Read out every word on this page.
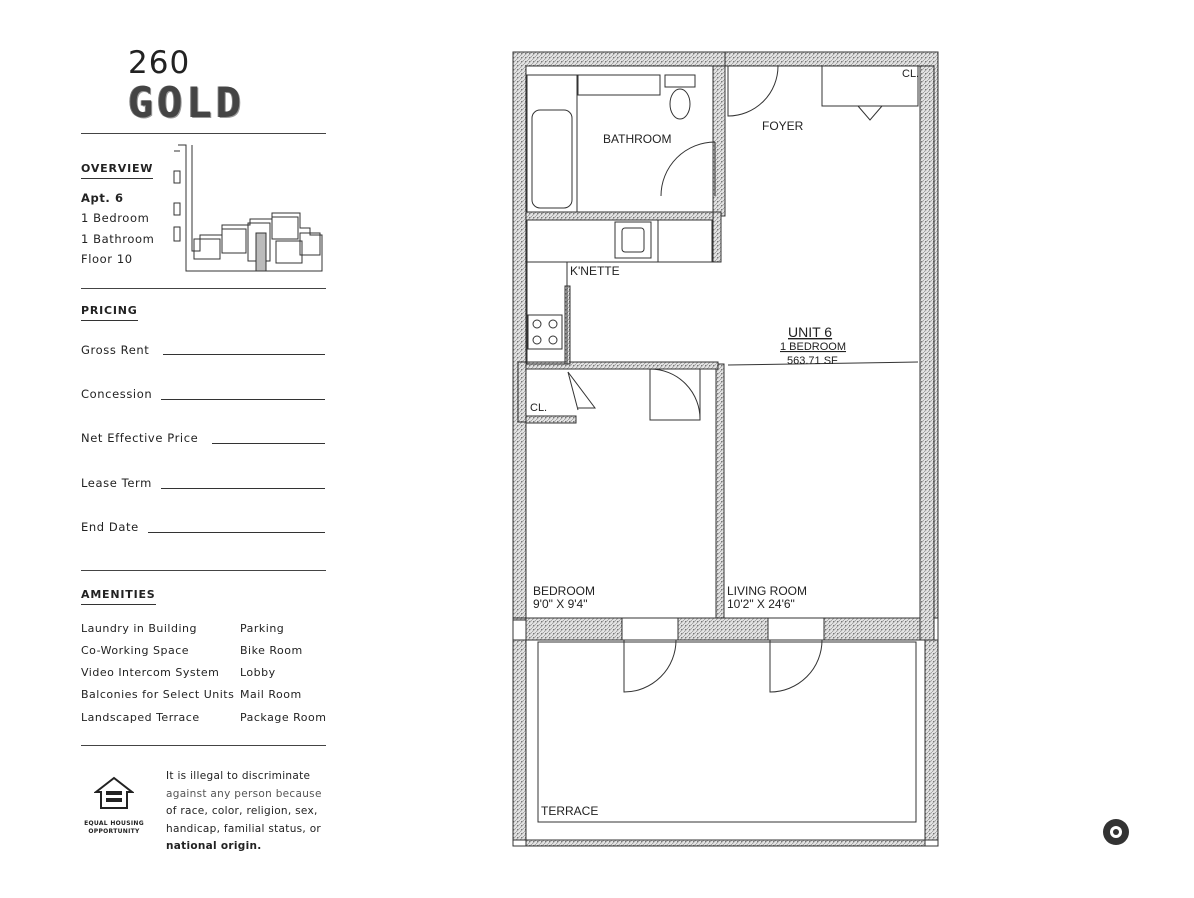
260
GOLD
OVERVIEW
Apt. 6
1 Bedroom
1 Bathroom
Floor 10
PRICING
Gross Rent
Concession
Net Effective Price
Lease Term
End Date
AMENITIES
Laundry in Building
Co-Working Space
Video Intercom System
Balconies for Select Units
Landscaped Terrace
Parking
Bike Room
Lobby
Mail Room
Package Room
EQUAL HOUSING OPPORTUNITY
It is illegal to discriminate
against any person because
of race, color, religion, sex,
handicap, familial status, or
national origin.
BATHROOM
FOYER
CL.
K'NETTE
UNIT 6
1 BEDROOM
563.71 SF
CL.
BEDROOM
9'0" X 9'4"
LIVING ROOM
10'2" X 24'6"
TERRACE
